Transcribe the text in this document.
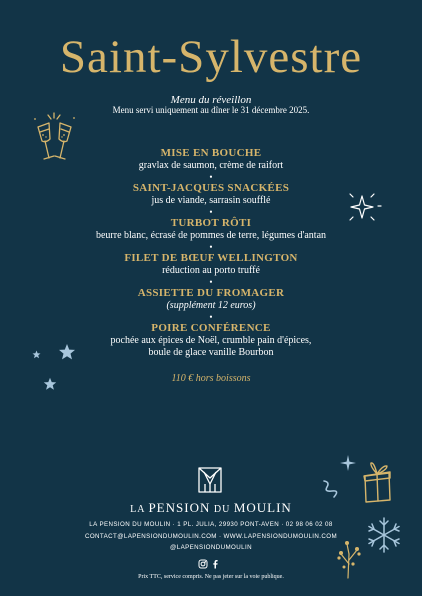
Saint-Sylvestre
Menu du réveillon
Menu servi uniquement au dîner le 31 décembre 2025.
MISE EN BOUCHE
gravlax de saumon, crème de raifort
•
SAINT-JACQUES SNACKÉES
jus de viande, sarrasin soufflé
•
TURBOT RÔTI
beurre blanc, écrasé de pommes de terre, légumes d'antan
•
FILET DE BŒUF WELLINGTON
réduction au porto truffé
•
ASSIETTE DU FROMAGER
(supplément 12 euros)
•
POIRE CONFÉRENCE
pochée aux épices de Noël, crumble pain d'épices,
boule de glace vanille Bourbon
110 € hors boissons
LA PENSION DU MOULIN
LA PENSION DU MOULIN · 1 PL. JULIA, 29930 PONT-AVEN · 02 98 06 02 08
CONTACT@LAPENSIONDUMOULIN.COM · WWW.LAPENSIONDUMOULIN.COM
@LAPENSIONDUMOULIN
Prix TTC, service compris. Ne pas jeter sur la voie publique.
